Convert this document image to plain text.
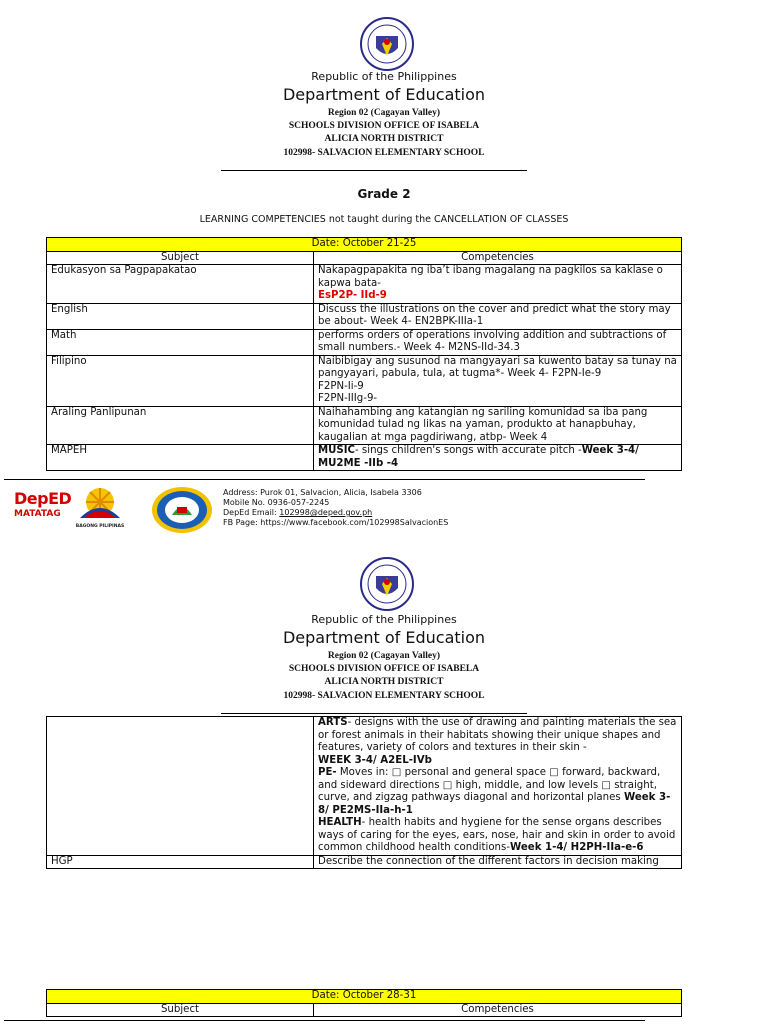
Republic of the Philippines
Department of Education
Region 02 (Cagayan Valley)
SCHOOLS DIVISION OFFICE OF ISABELA
ALICIA NORTH DISTRICT
102998- SALVACION ELEMENTARY SCHOOL
Grade 2
LEARNING COMPETENCIES not taught during the CANCELLATION OF CLASSES
Date: October 21-25	
Subject	Competencies
Edukasyon sa Pagpapakatao	Nakapagpapakita ng iba’t ibang magalang na pagkilos sa kaklase o kapwa bata-
EsP2P- IId-9
English	Discuss the illustrations on the cover and predict what the story may be about- Week 4- EN2BPK-IIIa-1
Math	performs orders of operations involving addition and subtractions of small numbers.- Week 4- M2NS-IId-34.3
Filipino	Naibibigay ang susunod na mangyayari sa kuwento batay sa tunay na pangyayari, pabula, tula, at tugma*- Week 4- F2PN-Ie-9
F2PN-Ii-9
F2PN-IIIg-9-
Araling Panlipunan	Naihahambing ang katangian ng sariling komunidad sa iba pang komunidad tulad ng likas na yaman, produkto at hanapbuhay, kaugalian at mga pagdiriwang, atbp- Week 4
MAPEH	MUSIC- sings children's songs with accurate pitch -Week 3-4/ MU2ME -IIb -4
DepED
MATATAG
BAGONG PILIPINAS
Address: Purok 01, Salvacion, Alicia, Isabela 3306
Mobile No. 0936-057-2245
DepEd Email: 102998@deped.gov.ph
FB Page: https://www.facebook.com/102998SalvacionES
Republic of the Philippines
Department of Education
Region 02 (Cagayan Valley)
SCHOOLS DIVISION OFFICE OF ISABELA
ALICIA NORTH DISTRICT
102998- SALVACION ELEMENTARY SCHOOL
	ARTS- designs with the use of drawing and painting materials the sea or forest animals in their habitats showing their unique shapes and features, variety of colors and textures in their skin -
WEEK 3-4/ A2EL-IVb
PE- Moves in: □ personal and general space □ forward, backward, and sideward directions □ high, middle, and low levels □ straight, curve, and zigzag pathways diagonal and horizontal planes Week 3-8/ PE2MS-IIa-h-1
HEALTH- health habits and hygiene for the sense organs describes ways of caring for the eyes, ears, nose, hair and skin in order to avoid common childhood health conditions-Week 1-4/ H2PH-IIa-e-6
HGP	Describe the connection of the different factors in decision making
Date: October 28-31
Subject	Competencies
